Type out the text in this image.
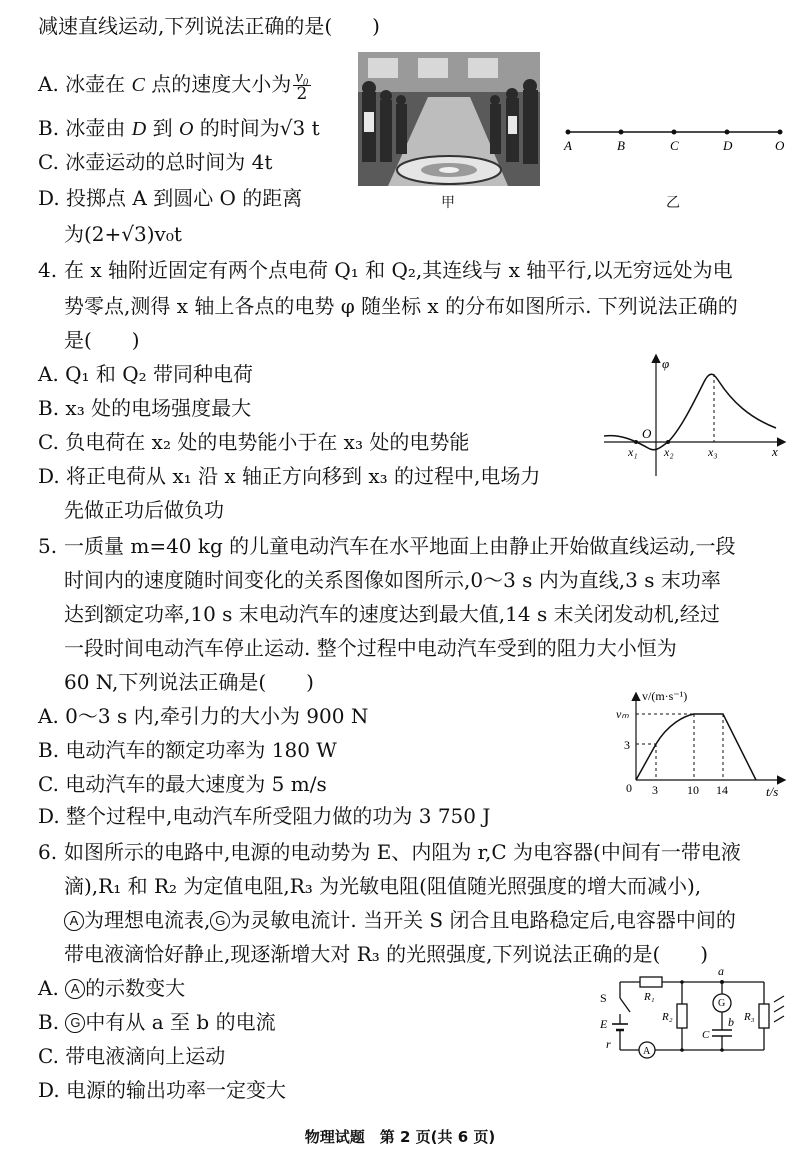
减速直线运动,下列说法正确的是(　　)
A. 冰壶在 C 点的速度大小为 $\frac{\text{v₀}}{2}$
B. 冰壶由 D 到 O 的时间为√3 t
C. 冰壶运动的总时间为 4t
D. 投掷点 A 到圆心 O 的距离
为(2+√3)v₀t
甲
A	B	C	D	O
乙
4. 在 x 轴附近固定有两个点电荷 Q₁ 和 Q₂,其连线与 x 轴平行,以无穷远处为电
势零点,测得 x 轴上各点的电势 φ 随坐标 x 的分布如图所示. 下列说法正确的
是(　　)
A. Q₁ 和 Q₂ 带同种电荷
B. x₃ 处的电场强度最大
C. 负电荷在 x₂ 处的电势能小于在 x₃ 处的电势能
D. 将正电荷从 x₁ 沿 x 轴正方向移到 x₃ 的过程中,电场力
先做正功后做负功
φ
x
O
x₁ x₂	x₃
5. 一质量 m=40 kg 的儿童电动汽车在水平地面上由静止开始做直线运动,一段
时间内的速度随时间变化的关系图像如图所示,0～3 s 内为直线,3 s 末功率
达到额定功率,10 s 末电动汽车的速度达到最大值,14 s 末关闭发动机,经过
一段时间电动汽车停止运动. 整个过程中电动汽车受到的阻力大小恒为
60 N,下列说法正确是(　　)
A. 0～3 s 内,牵引力的大小为 900 N
B. 电动汽车的额定功率为 180 W
C. 电动汽车的最大速度为 5 m/s
D. 整个过程中,电动汽车所受阻力做的功为 3 750 J
v/(m·s⁻¹)
t/s
vₘ
3
0 3 10 14
6. 如图所示的电路中,电源的电动势为 E、内阻为 r,C 为电容器(中间有一带电液
滴),R₁ 和 R₂ 为定值电阻,R₃ 为光敏电阻(阻值随光照强度的增大而减小),
A 为理想电流表, G 为灵敏电流计. 当开关 S 闭合且电路稳定后,电容器中间的
带电液滴恰好静止,现逐渐增大对 R₃ 的光照强度,下列说法正确的是(　　)
A. A 的示数变大
B. G 中有从 a 至 b 的电流
C. 带电液滴向上运动
D. 电源的输出功率一定变大
G
A
S
E
r
R₁
R₂	R₃
C
a
b
物理试题　第 2 页(共 6 页)
